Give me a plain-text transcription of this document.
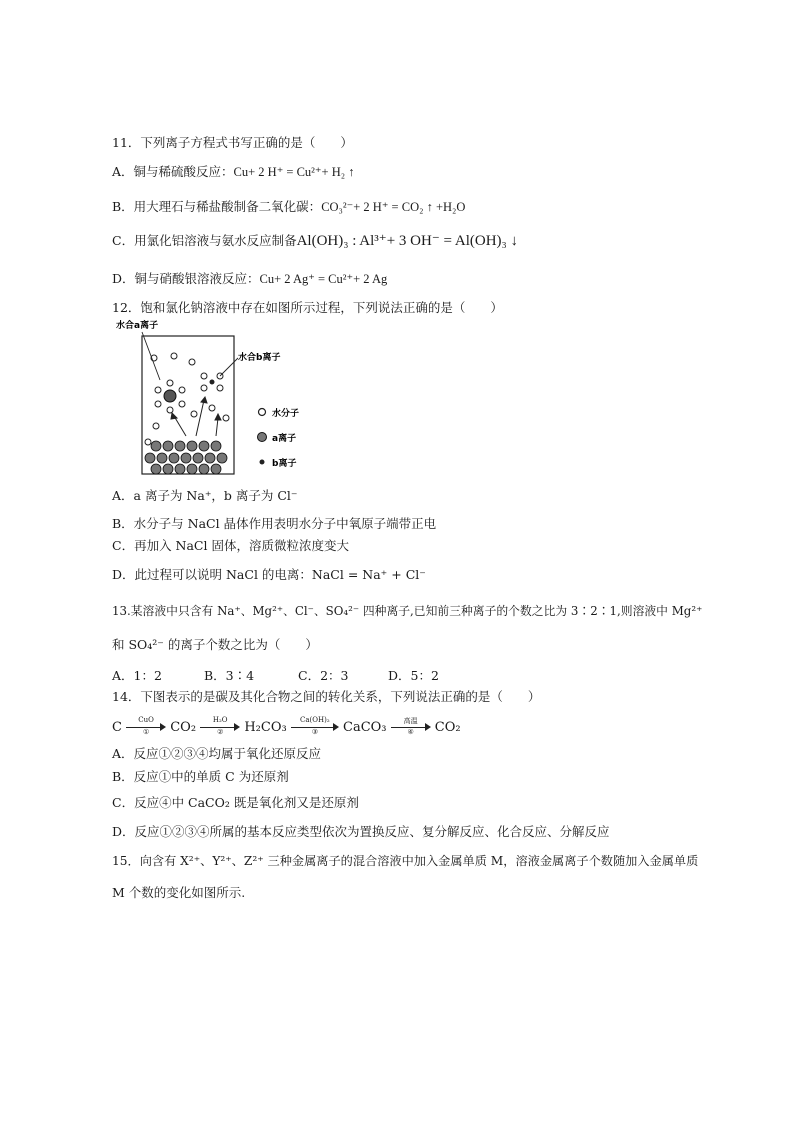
11．下列离子方程式书写正确的是（　　）
A．铜与稀硫酸反应：Cu+ 2 H⁺ = Cu²⁺+ H₂ ↑
B．用大理石与稀盐酸制备二氧化碳：CO₃²⁻+ 2 H⁺ = CO₂ ↑ +H₂O
C．用氯化铝溶液与氨水反应制备Al(OH)₃ : Al³⁺+ 3 OH⁻ = Al(OH)₃ ↓
D．铜与硝酸银溶液反应：Cu+ 2 Ag⁺ = Cu²⁺+ 2 Ag
12．饱和氯化钠溶液中存在如图所示过程，下列说法正确的是（　　）
水合a离子
水合b离子
水分子
a离子
b离子
A．a 离子为 Na⁺，b 离子为 Cl⁻
B．水分子与 NaCl 晶体作用表明水分子中氧原子端带正电
C．再加入 NaCl 固体，溶质微粒浓度变大
D．此过程可以说明 NaCl 的电离：NaCl = Na⁺ + Cl⁻
13.某溶液中只含有 Na⁺、Mg²⁺、Cl⁻、SO₄²⁻ 四种离子,已知前三种离子的个数之比为 3∶2∶1,则溶液中 Mg²⁺
和 SO₄²⁻ 的离子个数之比为（　　）
A．1：2	B．3∶4	C．2：3	D．5：2
14．下图表示的是碳及其化合物之间的转化关系，下列说法正确的是（　　）
C	CuO
①	CO₂	H₂O
②	H₂CO₃	Ca(OH)₂
③	CaCO₃	高温
④	CO₂
A．反应①②③④均属于氧化还原反应
B．反应①中的单质 C 为还原剂
C．反应④中 CaCO₂ 既是氧化剂又是还原剂
D．反应①②③④所属的基本反应类型依次为置换反应、复分解反应、化合反应、分解反应
15．向含有 X²⁺、Y²⁺、Z²⁺ 三种金属离子的混合溶液中加入金属单质 M，溶液金属离子个数随加入金属单质
M 个数的变化如图所示.
